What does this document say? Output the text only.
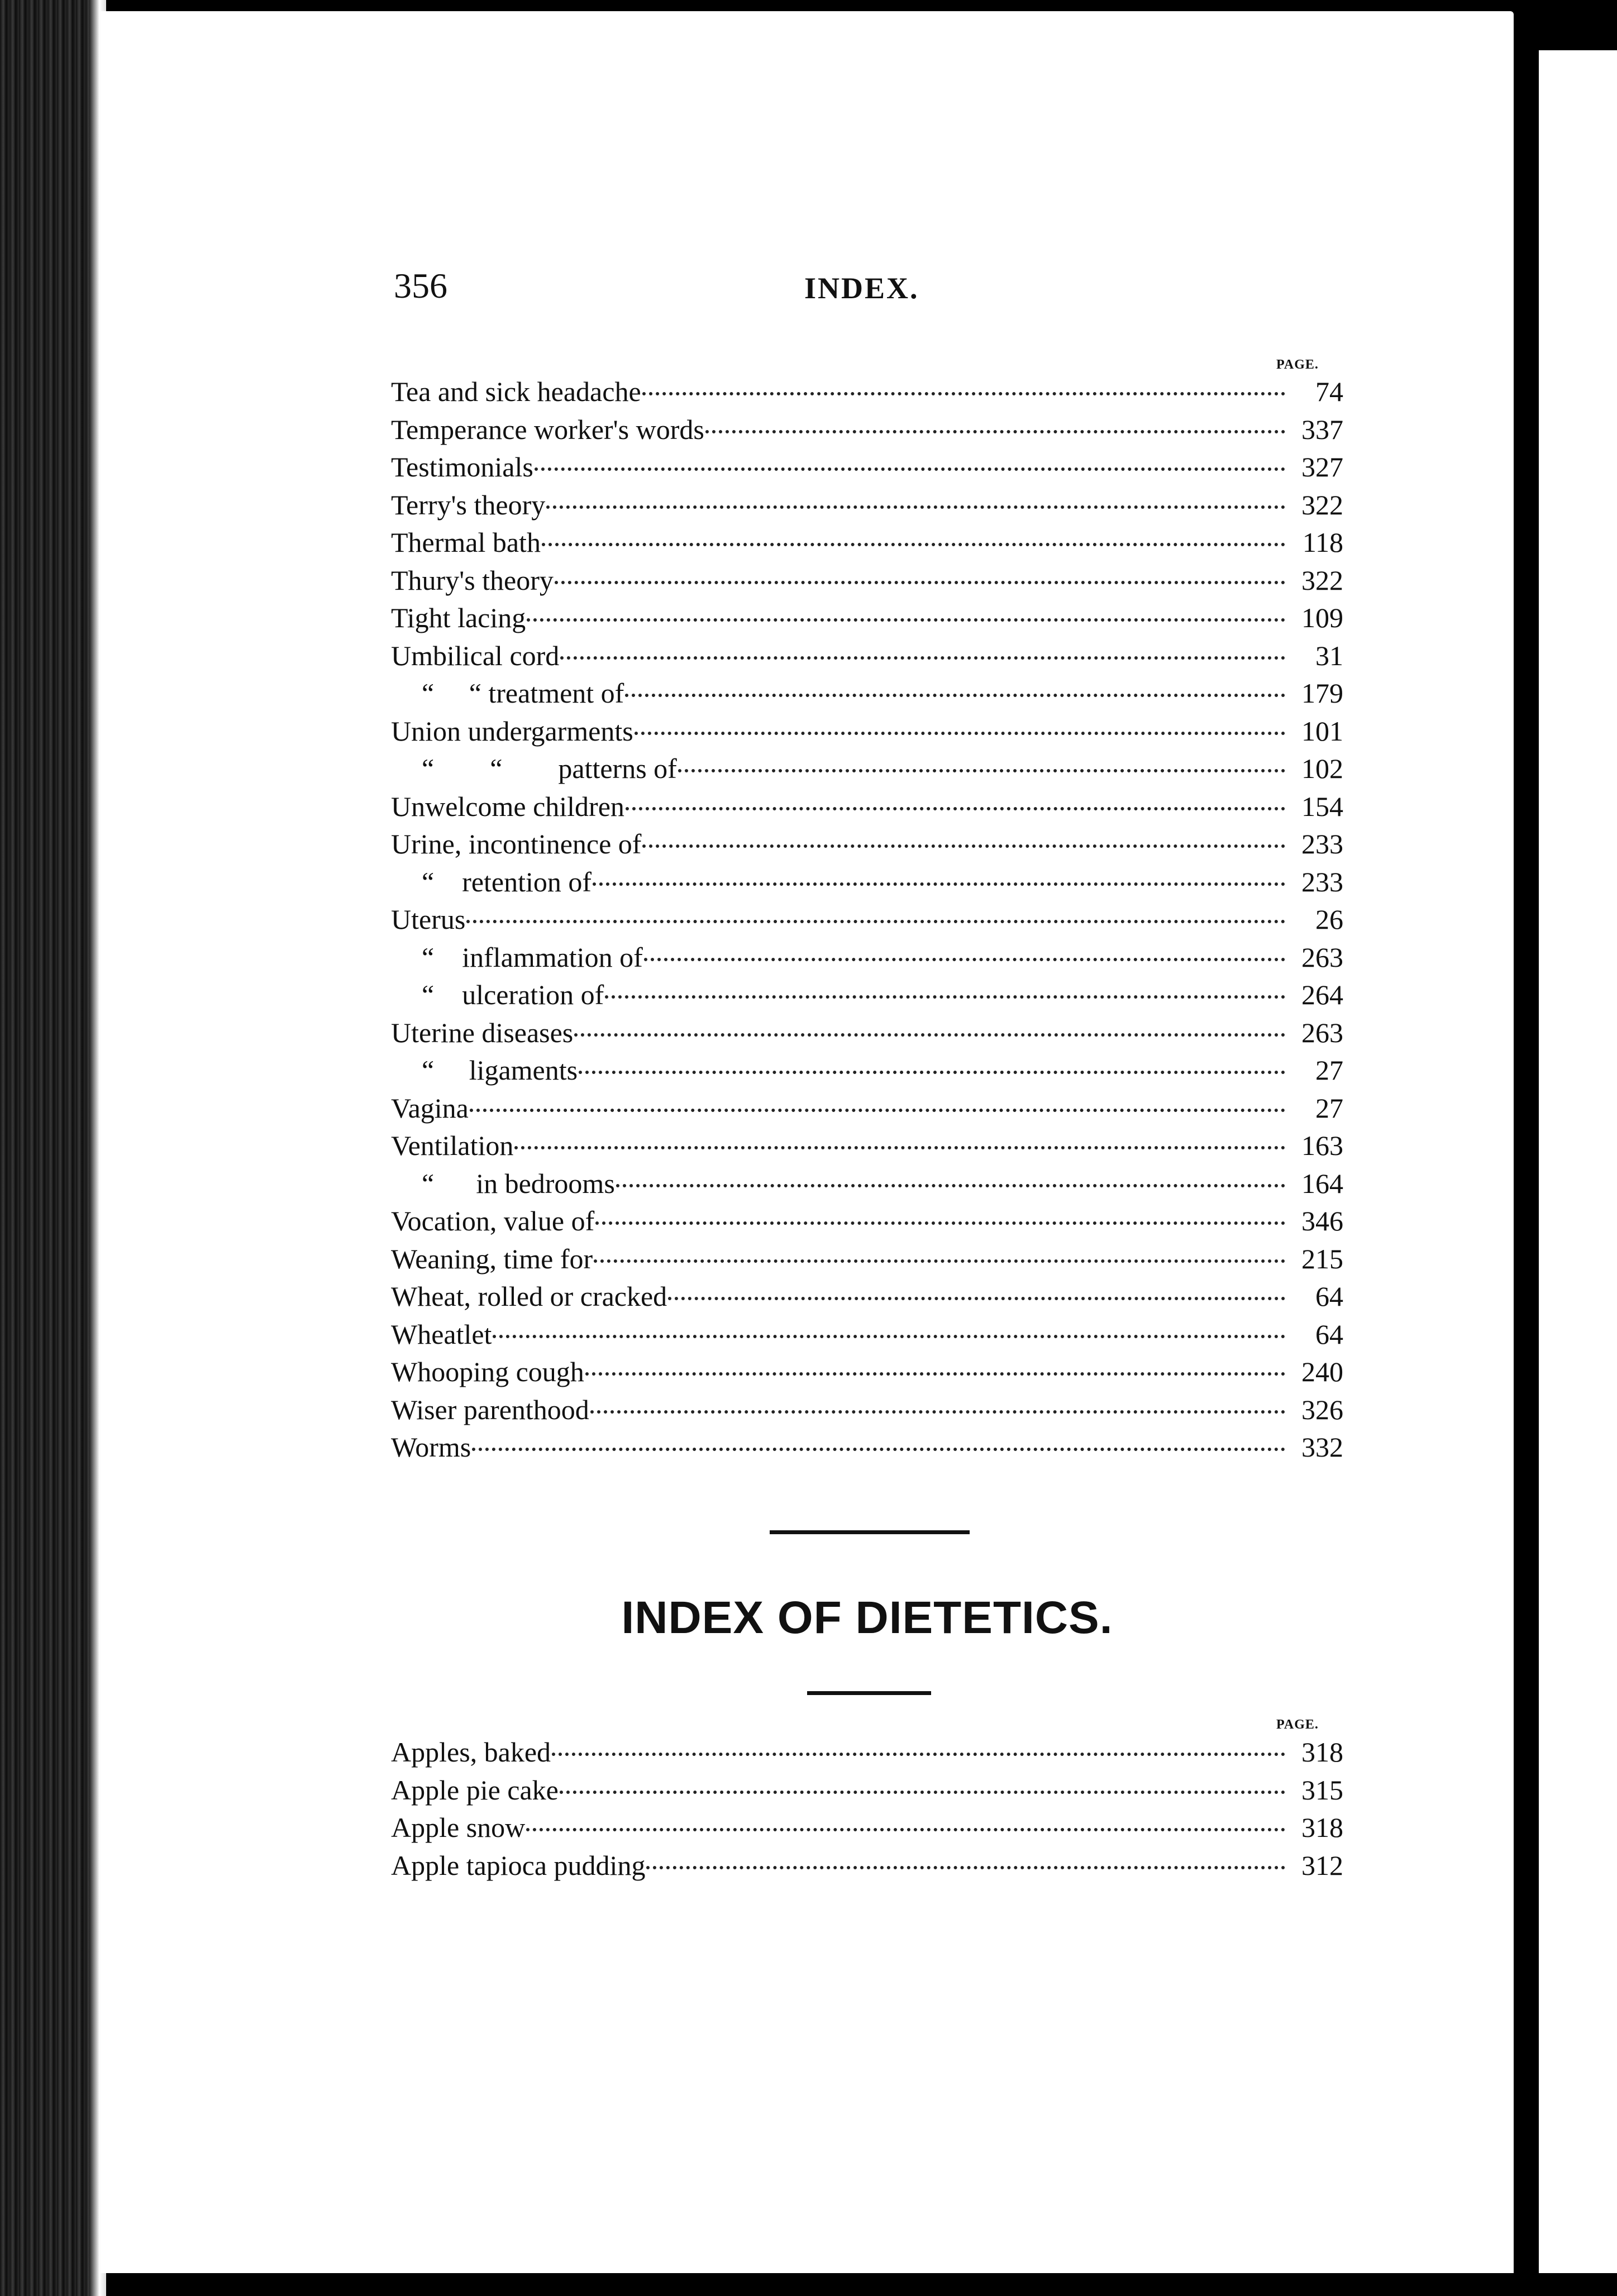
356	INDEX.
PAGE.
Tea and sick headache	74
Temperance worker's words	337
Testimonials	327
Terry's theory	322
Thermal bath	118
Thury's theory	322
Tight lacing	109
Umbilical cord	31
“     “ treatment of	179
Union undergarments	101
“        “        patterns of	102
Unwelcome children	154
Urine, incontinence of	233
“    retention of	233
Uterus	26
“    inflammation of	263
“    ulceration of	264
Uterine diseases	263
“     ligaments	27
Vagina	27
Ventilation	163
“      in bedrooms	164
Vocation, value of	346
Weaning, time for	215
Wheat, rolled or cracked	64
Wheatlet	64
Whooping cough	240
Wiser parenthood	326
Worms	332
INDEX OF DIETETICS.
PAGE.
Apples, baked	318
Apple pie cake	315
Apple snow	318
Apple tapioca pudding	312
